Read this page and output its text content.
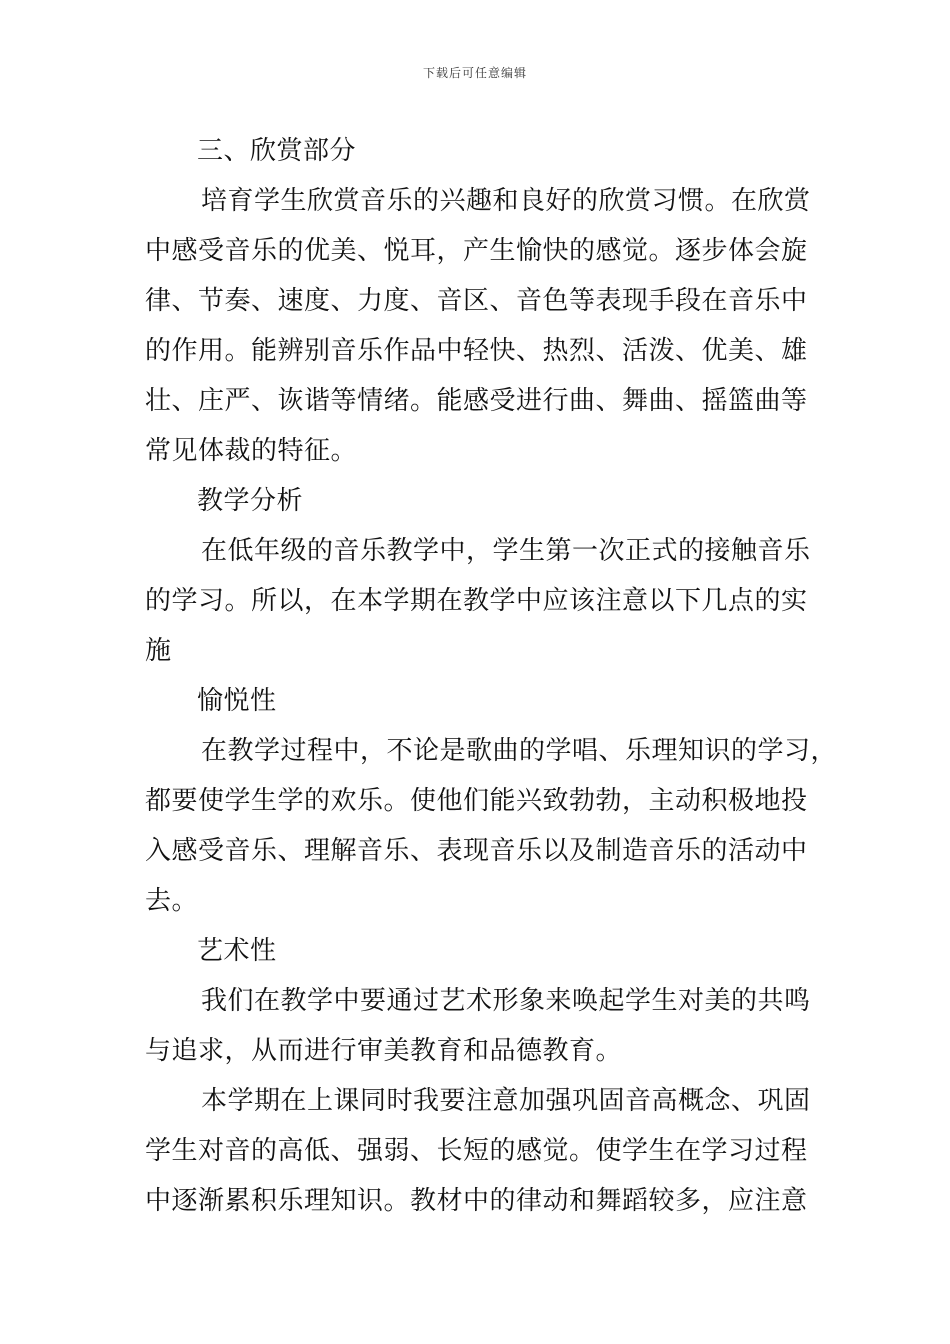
下载后可任意编辑
三、欣赏部分
培育学生欣赏音乐的兴趣和良好的欣赏习惯。在欣赏
中感受音乐的优美、悦耳，产生愉快的感觉。逐步体会旋
律、节奏、速度、力度、音区、音色等表现手段在音乐中
的作用。能辨别音乐作品中轻快、热烈、活泼、优美、雄
壮、庄严、诙谐等情绪。能感受进行曲、舞曲、摇篮曲等
常见体裁的特征。
教学分析
在低年级的音乐教学中，学生第一次正式的接触音乐
的学习。所以，在本学期在教学中应该注意以下几点的实
施
愉悦性
在教学过程中，不论是歌曲的学唱、乐理知识的学习，
都要使学生学的欢乐。使他们能兴致勃勃，主动积极地投
入感受音乐、理解音乐、表现音乐以及制造音乐的活动中
去。
艺术性
我们在教学中要通过艺术形象来唤起学生对美的共鸣
与追求，从而进行审美教育和品德教育。
本学期在上课同时我要注意加强巩固音高概念、巩固
学生对音的高低、强弱、长短的感觉。使学生在学习过程
中逐渐累积乐理知识。教材中的律动和舞蹈较多，应注意
